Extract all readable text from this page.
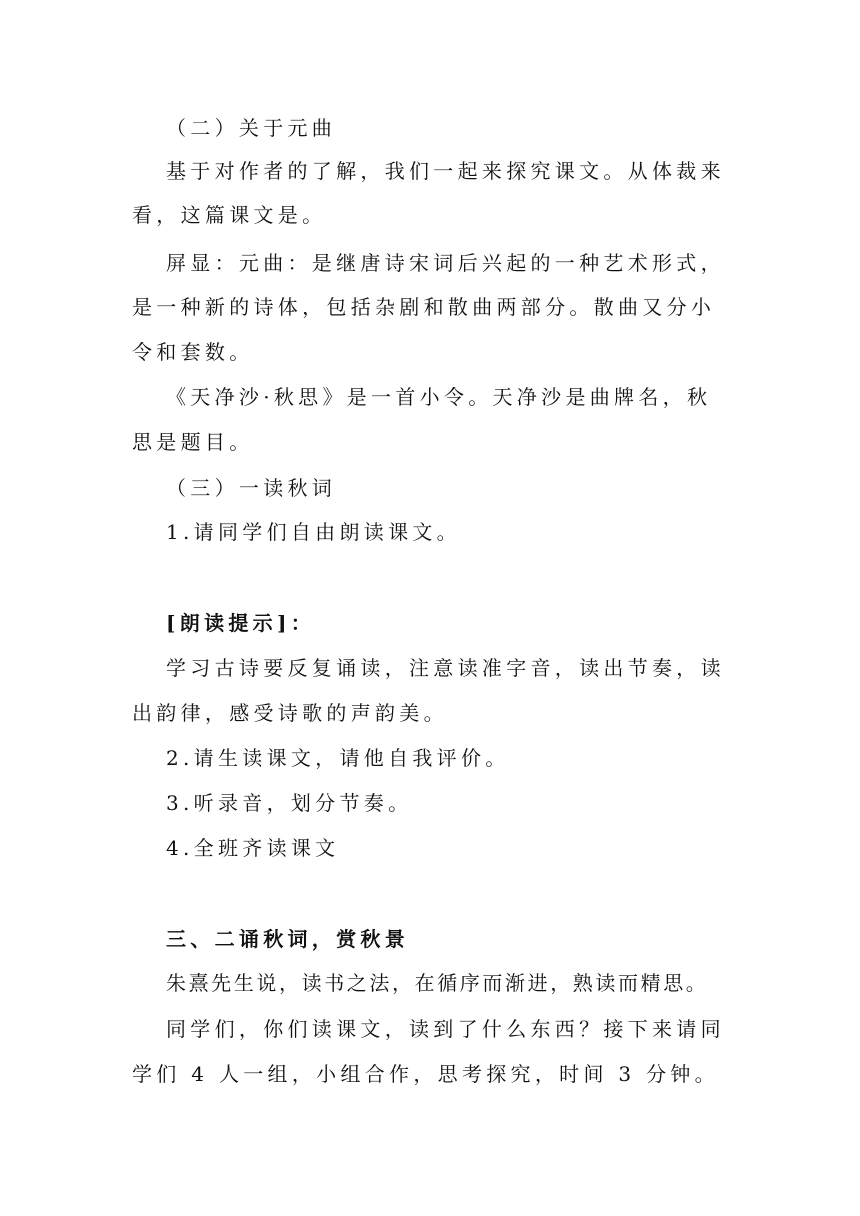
（二）关于元曲
基于对作者的了解，我们一起来探究课文。从体裁来
看，这篇课文是。
屏显：元曲：是继唐诗宋词后兴起的一种艺术形式，
是一种新的诗体，包括杂剧和散曲两部分。散曲又分小
令和套数。
《天净沙·秋思》是一首小令。天净沙是曲牌名，秋
思是题目。
（三）一读秋词
1.请同学们自由朗读课文。
[朗读提示]：
学习古诗要反复诵读，注意读准字音，读出节奏，读
出韵律，感受诗歌的声韵美。
2.请生读课文，请他自我评价。
3.听录音，划分节奏。
4.全班齐读课文
三、二诵秋词，赏秋景
朱熹先生说，读书之法，在循序而渐进，熟读而精思。
同学们，你们读课文，读到了什么东西？接下来请同
学们 4 人一组，小组合作，思考探究，时间 3 分钟。
